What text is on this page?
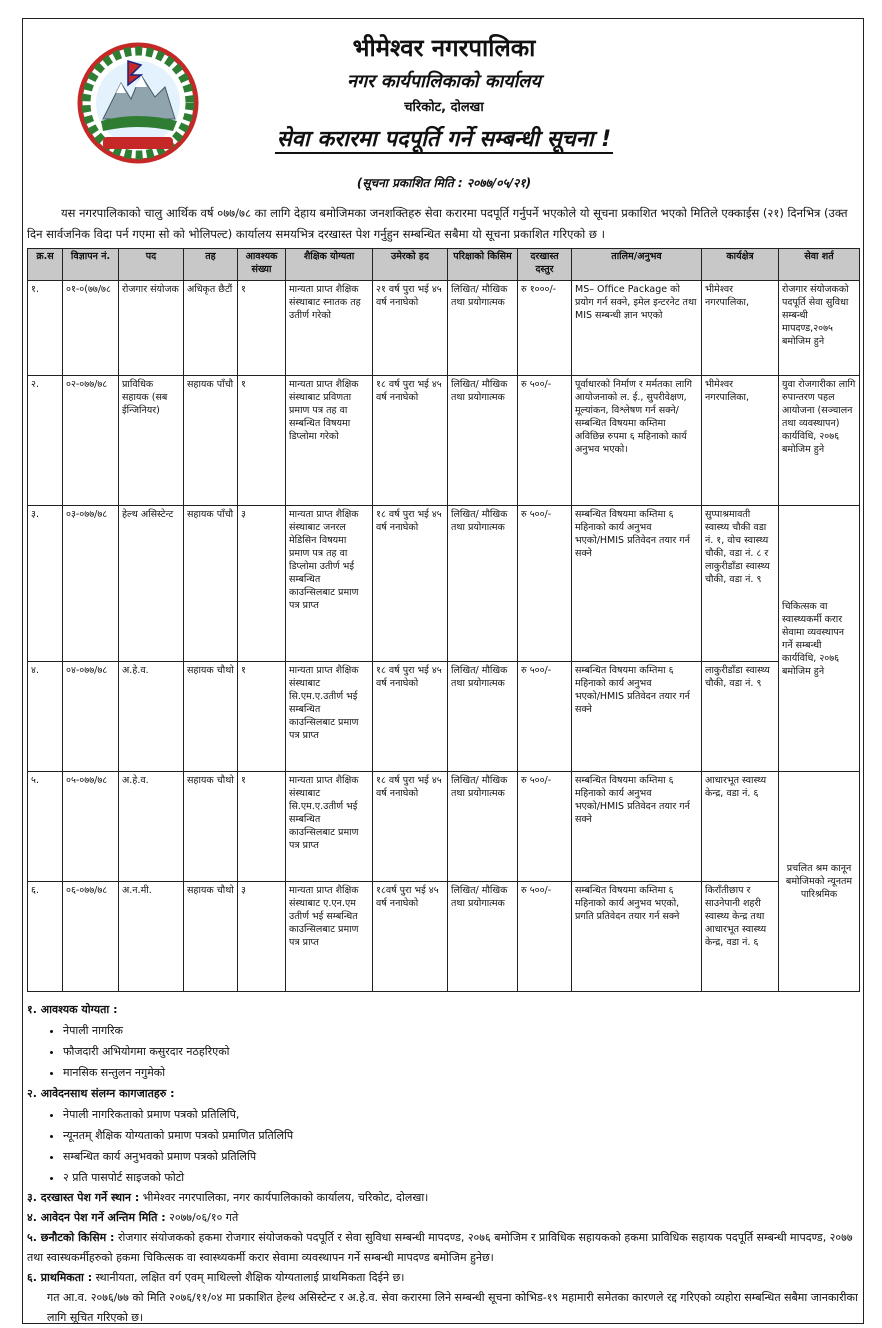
भीमेश्वर नगरपालिका
नगर कार्यपालिकाको कार्यालय
चरिकोट, दोलखा
सेवा करारमा पदपूर्ति गर्ने सम्बन्धी सूचना !
(सूचना प्रकाशित मिति : २०७७/०५/२१)
यस नगरपालिकाको चालु आर्थिक वर्ष ०७७/७८ का लागि देहाय बमोजिमका जनशक्तिहरु सेवा करारमा पदपूर्ति गर्नुपर्ने भएकोले यो सूचना प्रकाशित भएको मितिले एक्काईस (२१) दिनभित्र (उक्त दिन सार्वजनिक विदा पर्न गएमा सो को भोलिपल्ट) कार्यालय समयभित्र दरखास्त पेश गर्नुहुन सम्बन्धित सबैमा यो सूचना प्रकाशित गरिएको छ ।
क्र.स	विज्ञापन नं.	पद	तह	आवश्यक संख्या	शैक्षिक योग्यता	उमेरको हद	परिक्षाको किसिम	दरखास्त दस्तुर	तालिम/अनुभव	कार्यक्षेत्र	सेवा शर्त
१.	०१-०(७७/७८	रोजगार संयोजक	अधिकृत छैटौं	१	मान्यता प्राप्त शैक्षिक संस्थाबाट स्नातक तह उतीर्ण गरेको	२१ वर्ष पुरा भई ४५ वर्ष ननाघेको	लिखित/ मौखिक तथा प्रयोगात्मक	रु १०००/-	MS– Office Package को प्रयोग गर्न सक्ने, इमेल इन्टरनेट तथा MIS सम्बन्धी ज्ञान भएको	भीमेश्वर नगरपालिका,	रोजगार संयोजकको पदपूर्ति सेवा सुविधा सम्बन्धी मापदण्ड,२०७५ बमोजिम हुने
२.	०२-०७७/७८	प्राविधिक सहायक (सब ईन्जिनियर)	सहायक पाँचौ	१	मान्यता प्राप्त शैक्षिक संस्थाबाट प्रविणता प्रमाण पत्र तह वा सम्बन्धित विषयमा डिप्लोमा गरेको	१८ वर्ष पुरा भई ४५ वर्ष ननाघेको	लिखित/ मौखिक तथा प्रयोगात्मक	रु ५००/-	पूर्वाधारको निर्माण र मर्मतका लागि आयोजनाको ल. ई., सुपरीवेक्षण, मूल्यांकन, विश्लेषण गर्न सक्ने/सम्बन्धित विषयमा कम्तिमा अविछिन्न रुपमा ६ महिनाको कार्य अनुभव भएको।	भीमेश्वर नगरपालिका,	युवा रोजगारीका लागि रुपान्तरण पहल आयोजना (सञ्चालन तथा व्यवस्थापन) कार्यविधि, २०७६ बमोजिम हुने
३.	०३-०७७/७८	हेल्थ असिस्टेन्ट	सहायक पाँचौ	३	मान्यता प्राप्त शैक्षिक संस्थाबाट जनरल मेडिसिन विषयमा प्रमाण पत्र तह वा डिप्लोमा उतीर्ण भई सम्बन्धित काउन्सिलबाट प्रमाण पत्र प्राप्त	१८ वर्ष पुरा भई ४५ वर्ष ननाघेको	लिखित/ मौखिक तथा प्रयोगात्मक	रु ५००/-	सम्बन्धित विषयमा कम्तिमा ६ महिनाको कार्य अनुभव भएको/HMIS प्रतिवेदन तयार गर्न सक्ने	सुप्पाश्रमावती स्वास्थ्य चौकी वडा नं. १, वोच स्वास्थ्य चौकी, वडा नं. ८ र लाकुरीडाँडा स्वास्थ्य चौकी, वडा नं. ९	चिकित्सक वा स्वास्थ्यकर्मी करार सेवामा व्यवस्थापन गर्ने सम्बन्धी कार्यविधि, २०७६ बमोजिम हुने
४.	०४-०७७/७८	अ.हे.व.	सहायक चौथो	१	मान्यता प्राप्त शैक्षिक संस्थाबाट सि.एम.ए.उतीर्ण भई सम्बन्धित काउन्सिलबाट प्रमाण पत्र प्राप्त	१८ वर्ष पुरा भई ४५ वर्ष ननाघेको	लिखित/ मौखिक तथा प्रयोगात्मक	रु ५००/-	सम्बन्धित विषयमा कम्तिमा ६ महिनाको कार्य अनुभव भएको/HMIS प्रतिवेदन तयार गर्न सक्ने	लाकुरीडाँडा स्वास्थ्य चौकी, वडा नं. ९	
५.	०५-०७७/७८	अ.हे.व.	सहायक चौथो	१	मान्यता प्राप्त शैक्षिक संस्थाबाट सि.एम.ए.उतीर्ण भई सम्बन्धित काउन्सिलबाट प्रमाण पत्र प्राप्त	१८ वर्ष पुरा भई ४५ वर्ष ननाघेको	लिखित/ मौखिक तथा प्रयोगात्मक	रु ५००/-	सम्बन्धित विषयमा कम्तिमा ६ महिनाको कार्य अनुभव भएको/HMIS प्रतिवेदन तयार गर्न सक्ने	आधारभूत स्वास्थ्य केन्द्र, वडा नं. ६	प्रचलित श्रम कानून बमोजिमको न्यूनतम पारिश्रमिक
६.	०६-०७७/७८	अ.न.मी.	सहायक चौथो	३	मान्यता प्राप्त शैक्षिक संस्थाबाट ए.एन.एम उतीर्ण भई सम्बन्धित काउन्सिलबाट प्रमाण पत्र प्राप्त	१८वर्ष पुरा भई ४५ वर्ष ननाघेको	लिखित/ मौखिक तथा प्रयोगात्मक	रु ५००/-	सम्बन्धित विषयमा कम्तिमा ६ महिनाको कार्य अनुभव भएको, प्रगति प्रतिवेदन तयार गर्न सक्ने	किराँतीछाप र साउनेपानी शहरी स्वास्थ्य केन्द्र तथा आधारभूत स्वास्थ्य केन्द्र, वडा नं. ६	
१. आवश्यक योग्यता :
• नेपाली नागरिक
• फौजदारी अभियोगमा कसुरदार नठहरिएको
• मानसिक सन्तुलन नगुमेको
२. आवेदनसाथ संलग्न कागजातहरु :
• नेपाली नागरिकताको प्रमाण पत्रको प्रतिलिपि,
• न्यूनतम् शैक्षिक योग्यताको प्रमाण पत्रको प्रमाणित प्रतिलिपि
• सम्बन्धित कार्य अनुभवको प्रमाण पत्रको प्रतिलिपि
• २ प्रति पासपोर्ट साइजको फोटो
३. दरखास्त पेश गर्ने स्थान : भीमेश्वर नगरपालिका, नगर कार्यपालिकाको कार्यालय, चरिकोट, दोलखा।
४. आवेदन पेश गर्ने अन्तिम मिति : २०७७/०६/१० गते
५. छनौटको किसिम : रोजगार संयोजकको हकमा रोजगार संयोजकको पदपूर्ति र सेवा सुविधा सम्बन्धी मापदण्ड, २०७६ बमोजिम र प्राविधिक सहायकको हकमा प्राविधिक सहायक पदपूर्ति सम्बन्धी मापदण्ड, २०७७ तथा स्वास्थकर्मीहरुको हकमा चिकित्सक वा स्वास्थ्यकर्मी करार सेवामा व्यवस्थापन गर्ने सम्बन्धी मापदण्ड बमोजिम हुनेछ।
६. प्राथमिकता : स्थानीयता, लक्षित वर्ग एवम् माथिल्लो शैक्षिक योग्यतालाई प्राथमिकता दिईने छ।
गत आ.व. २०७६/७७ को मिति २०७६/११/०४ मा प्रकाशित हेल्थ असिस्टेन्ट र अ.हे.व. सेवा करारमा लिने सम्बन्धी सूचना कोभिड-१९ महामारी समेतका कारणले रद्द गरिएको व्यहोरा सम्बन्धित सबैमा जानकारीका लागि सूचित गरिएको छ।
